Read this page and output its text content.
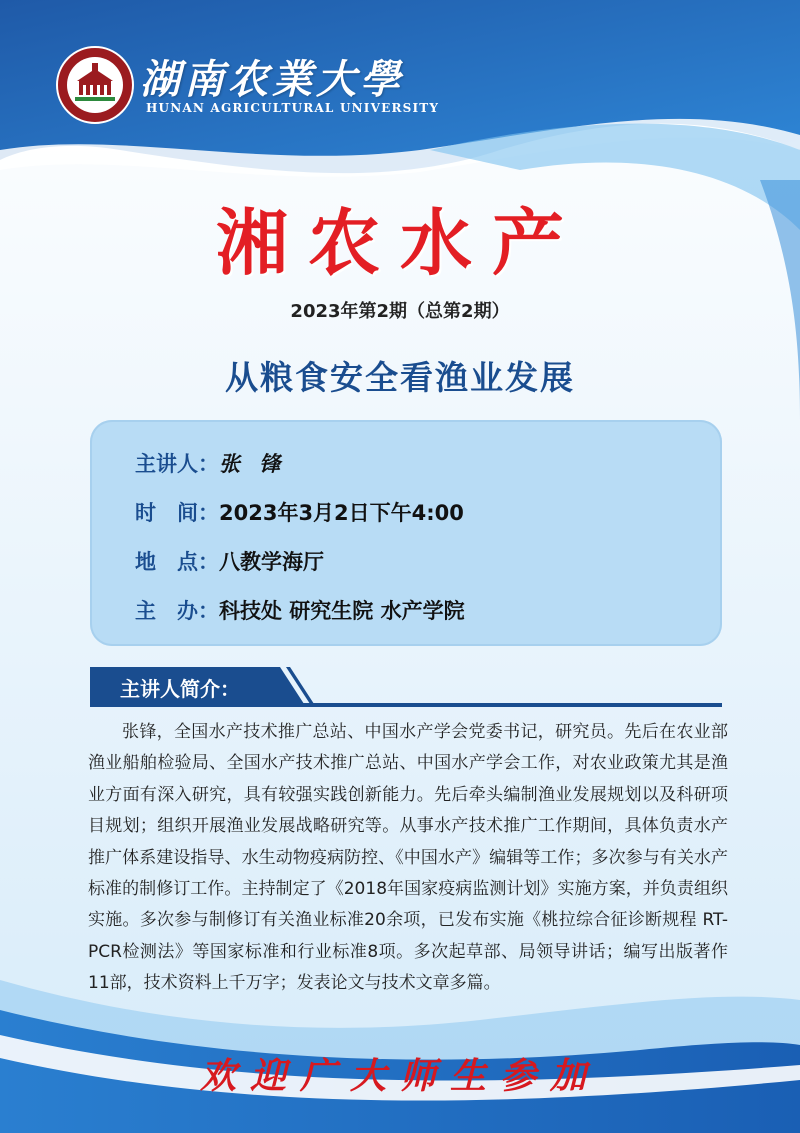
湖南农業大學
HUNAN AGRICULTURAL UNIVERSITY
湘农水产
2023年第2期（总第2期）
从粮食安全看渔业发展
主讲人：张 锋
时　间：2023年3月2日下午4:00
地　点：八教学海厅
主　办：科技处 研究生院 水产学院
主讲人简介：

张锋，全国水产技术推广总站、中国水产学会党委书记，研究员。先后在农业部渔业船舶检验局、全国水产技术推广总站、中国水产学会工作，对农业政策尤其是渔业方面有深入研究，具有较强实践创新能力。先后牵头编制渔业发展规划以及科研项目规划；组织开展渔业发展战略研究等。从事水产技术推广工作期间，具体负责水产推广体系建设指导、水生动物疫病防控、《中国水产》编辑等工作；多次参与有关水产标准的制修订工作。主持制定了《2018年国家疫病监测计划》实施方案，并负责组织实施。多次参与制修订有关渔业标准20余项，已发布实施《桃拉综合征诊断规程 RT-PCR检测法》等国家标准和行业标准8项。多次起草部、局领导讲话；编写出版著作11部，技术资料上千万字；发表论文与技术文章多篇。

欢迎广大师生参加
